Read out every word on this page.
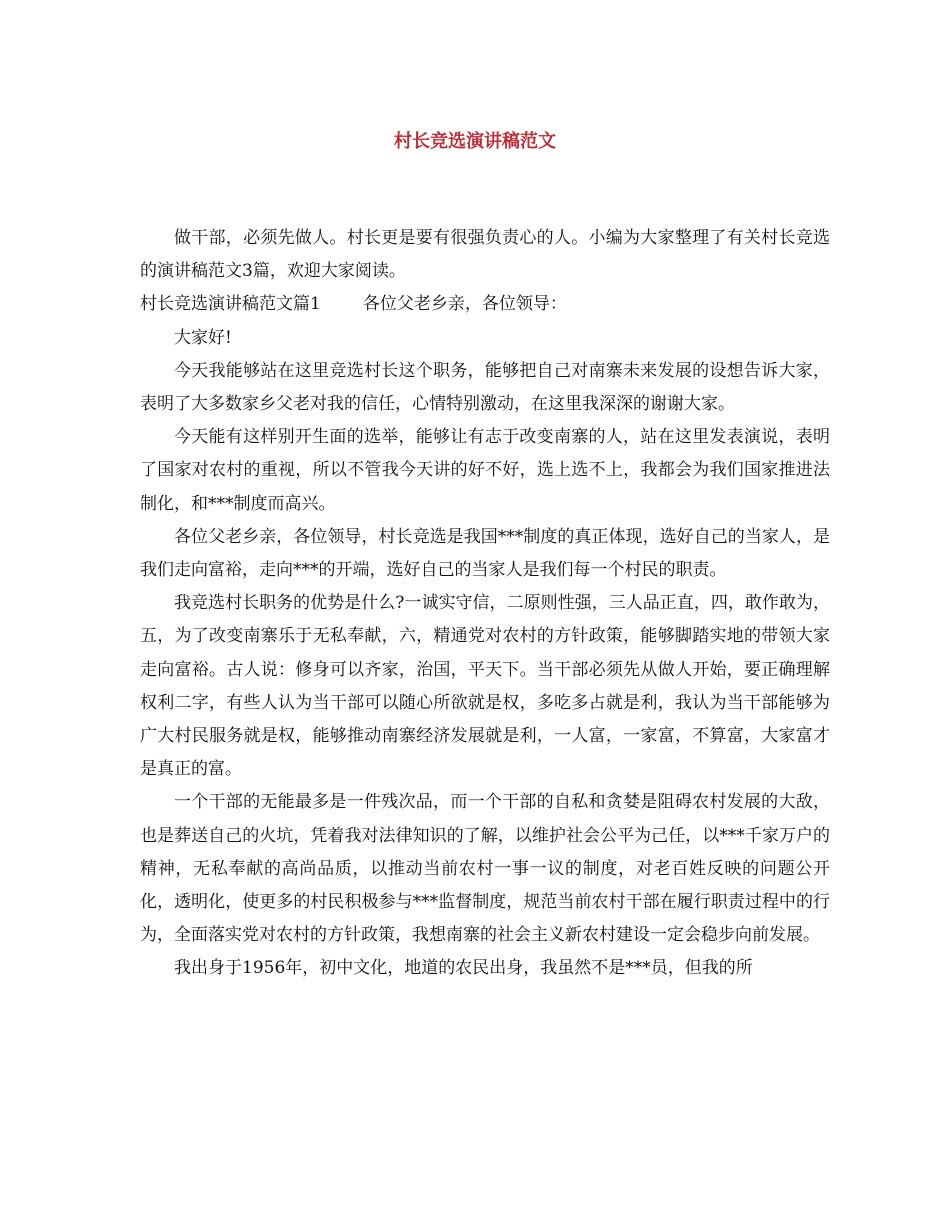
村长竞选演讲稿范文

做干部，必须先做人。村长更是要有很强负责心的人。小编为大家整理了有关村长竞选的演讲稿范文3篇，欢迎大家阅读。

村长竞选演讲稿范文篇1 各位父老乡亲，各位领导：

大家好!

今天我能够站在这里竞选村长这个职务，能够把自己对南寨未来发展的设想告诉大家，表明了大多数家乡父老对我的信任，心情特别激动，在这里我深深的谢谢大家。

今天能有这样别开生面的选举，能够让有志于改变南寨的人，站在这里发表演说，表明了国家对农村的重视，所以不管我今天讲的好不好，选上选不上，我都会为我们国家推进法制化，和***制度而高兴。

各位父老乡亲，各位领导，村长竞选是我国***制度的真正体现，选好自己的当家人，是我们走向富裕，走向***的开端，选好自己的当家人是我们每一个村民的职责。

我竞选村长职务的优势是什么?一诚实守信，二原则性强，三人品正直，四，敢作敢为，五，为了改变南寨乐于无私奉献，六，精通党对农村的方针政策，能够脚踏实地的带领大家走向富裕。古人说：修身可以齐家，治国，平天下。当干部必须先从做人开始，要正确理解权利二字，有些人认为当干部可以随心所欲就是权，多吃多占就是利，我认为当干部能够为广大村民服务就是权，能够推动南寨经济发展就是利，一人富，一家富，不算富，大家富才是真正的富。

一个干部的无能最多是一件残次品，而一个干部的自私和贪婪是阻碍农村发展的大敌，也是葬送自己的火坑，凭着我对法律知识的了解，以维护社会公平为己任，以***千家万户的精神，无私奉献的高尚品质，以推动当前农村一事一议的制度，对老百姓反映的问题公开化，透明化，使更多的村民积极参与***监督制度，规范当前农村干部在履行职责过程中的行为，全面落实党对农村的方针政策，我想南寨的社会主义新农村建设一定会稳步向前发展。

我出身于1956年，初中文化，地道的农民出身，我虽然不是***员，但我的所
